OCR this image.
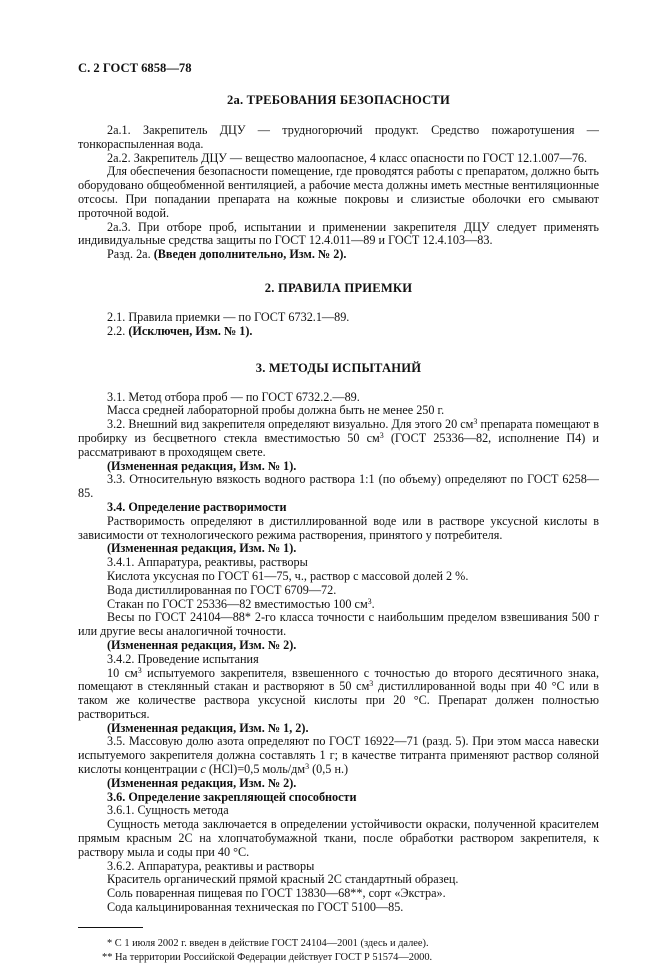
С. 2 ГОСТ 6858—78
2а. ТРЕБОВАНИЯ БЕЗОПАСНОСТИ
2а.1. Закрепитель ДЦУ — трудногорючий продукт. Средство пожаротушения — тонкораспыленная вода.
2а.2. Закрепитель ДЦУ — вещество малоопасное, 4 класс опасности по ГОСТ 12.1.007—76.
Для обеспечения безопасности помещение, где проводятся работы с препаратом, должно быть оборудовано общеобменной вентиляцией, а рабочие места должны иметь местные вентиляционные отсосы. При попадании препарата на кожные покровы и слизистые оболочки его смывают проточной водой.
2а.3. При отборе проб, испытании и применении закрепителя ДЦУ следует применять индивидуальные средства защиты по ГОСТ 12.4.011—89 и ГОСТ 12.4.103—83.
Разд. 2а. (Введен дополнительно, Изм. № 2).
2. ПРАВИЛА ПРИЕМКИ
2.1. Правила приемки — по ГОСТ 6732.1—89.
2.2. (Исключен, Изм. № 1).
3. МЕТОДЫ ИСПЫТАНИЙ
3.1. Метод отбора проб — по ГОСТ 6732.2.—89.
Масса средней лабораторной пробы должна быть не менее 250 г.
3.2. Внешний вид закрепителя определяют визуально. Для этого 20 $см^3$ препарата помещают в пробирку из бесцветного стекла вместимостью 50 $см^3$ (ГОСТ 25336—82, исполнение П4) и рассматривают в проходящем свете.
(Измененная редакция, Изм. № 1).
3.3. Относительную вязкость водного раствора 1:1 (по объему) определяют по ГОСТ 6258—85.
3.4. Определение растворимости
Растворимость определяют в дистиллированной воде или в растворе уксусной кислоты в зависимости от технологического режима растворения, принятого у потребителя.
(Измененная редакция, Изм. № 1).
3.4.1. Аппаратура, реактивы, растворы
Кислота уксусная по ГОСТ 61—75, ч., раствор с массовой долей 2 %.
Вода дистиллированная по ГОСТ 6709—72.
Стакан по ГОСТ 25336—82 вместимостью 100 $см^3$.
Весы по ГОСТ 24104—88* 2-го класса точности с наибольшим пределом взвешивания 500 г или другие весы аналогичной точности.
(Измененная редакция, Изм. № 2).
3.4.2. Проведение испытания
10 $см^3$ испытуемого закрепителя, взвешенного с точностью до второго десятичного знака, помещают в стеклянный стакан и растворяют в 50 $см^3$ дистиллированной воды при 40 °С или в таком же количестве раствора уксусной кислоты при 20 °С. Препарат должен полностью раствориться.
(Измененная редакция, Изм. № 1, 2).
3.5. Массовую долю азота определяют по ГОСТ 16922—71 (разд. 5). При этом масса навески испытуемого закрепителя должна составлять 1 г; в качестве титранта применяют раствор соляной кислоты концентрации c (HCl)=0,5 моль/$дм^3$ (0,5 н.)
(Измененная редакция, Изм. № 2).
3.6. Определение закрепляющей способности
3.6.1. Сущность метода
Сущность метода заключается в определении устойчивости окраски, полученной красителем прямым красным 2С на хлопчатобумажной ткани, после обработки раствором закрепителя, к раствору мыла и соды при 40 °С.
3.6.2. Аппаратура, реактивы и растворы
Краситель органический прямой красный 2С стандартный образец.
Соль поваренная пищевая по ГОСТ 13830—68**, сорт «Экстра».
Сода кальцинированная техническая по ГОСТ 5100—85.
* С 1 июля 2002 г. введен в действие ГОСТ 24104—2001 (здесь и далее).
** На территории Российской Федерации действует ГОСТ Р 51574—2000.
